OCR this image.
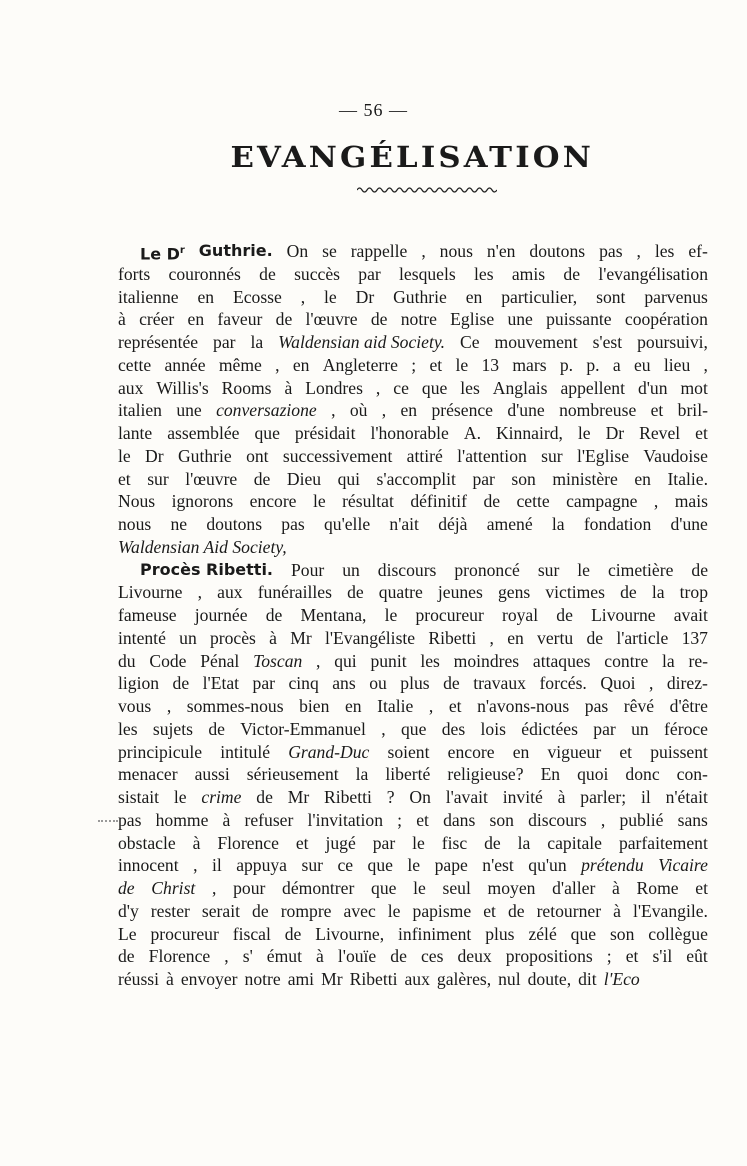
— 56 —
EVANGÉLISATION
Le $D^r$ Guthrie. On se rappelle , nous n'en doutons pas , les ef-
forts couronnés de succès par lesquels les amis de l'evangélisation
italienne en Ecosse , le Dr Guthrie en particulier, sont parvenus
à créer en faveur de l'œuvre de notre Eglise une puissante coopération
représentée par la Waldensian aid Society. Ce mouvement s'est poursuivi,
cette année même , en Angleterre ; et le 13 mars p. p. a eu lieu ,
aux Willis's Rooms à Londres , ce que les Anglais appellent d'un mot
italien une conversazione , où , en présence d'une nombreuse et bril-
lante assemblée que présidait l'honorable A. Kinnaird, le Dr Revel et
le Dr Guthrie ont successivement attiré l'attention sur l'Eglise Vaudoise
et sur l'œuvre de Dieu qui s'accomplit par son ministère en Italie.
Nous ignorons encore le résultat définitif de cette campagne , mais
nous ne doutons pas qu'elle n'ait déjà amené la fondation d'une
Waldensian Aid Society,
Procès Ribetti. Pour un discours prononcé sur le cimetière de
Livourne , aux funérailles de quatre jeunes gens victimes de la trop
fameuse journée de Mentana, le procureur royal de Livourne avait
intenté un procès à Mr l'Evangéliste Ribetti , en vertu de l'article 137
du Code Pénal Toscan , qui punit les moindres attaques contre la re-
ligion de l'Etat par cinq ans ou plus de travaux forcés. Quoi , direz-
vous , sommes-nous bien en Italie , et n'avons-nous pas rêvé d'être
les sujets de Victor-Emmanuel , que des lois édictées par un féroce
principicule intitulé Grand-Duc soient encore en vigueur et puissent
menacer aussi sérieusement la liberté religieuse? En quoi donc con-
sistait le crime de Mr Ribetti ? On l'avait invité à parler; il n'était
pas homme à refuser l'invitation ; et dans son discours , publié sans
obstacle à Florence et jugé par le fisc de la capitale parfaitement
innocent , il appuya sur ce que le pape n'est qu'un prétendu Vicaire
de Christ , pour démontrer que le seul moyen d'aller à Rome et
d'y rester serait de rompre avec le papisme et de retourner à l'Evangile.
Le procureur fiscal de Livourne, infiniment plus zélé que son collègue
de Florence , s' émut à l'ouïe de ces deux propositions ; et s'il eût
réussi à envoyer notre ami Mr Ribetti aux galères, nul doute, dit l'Eco
